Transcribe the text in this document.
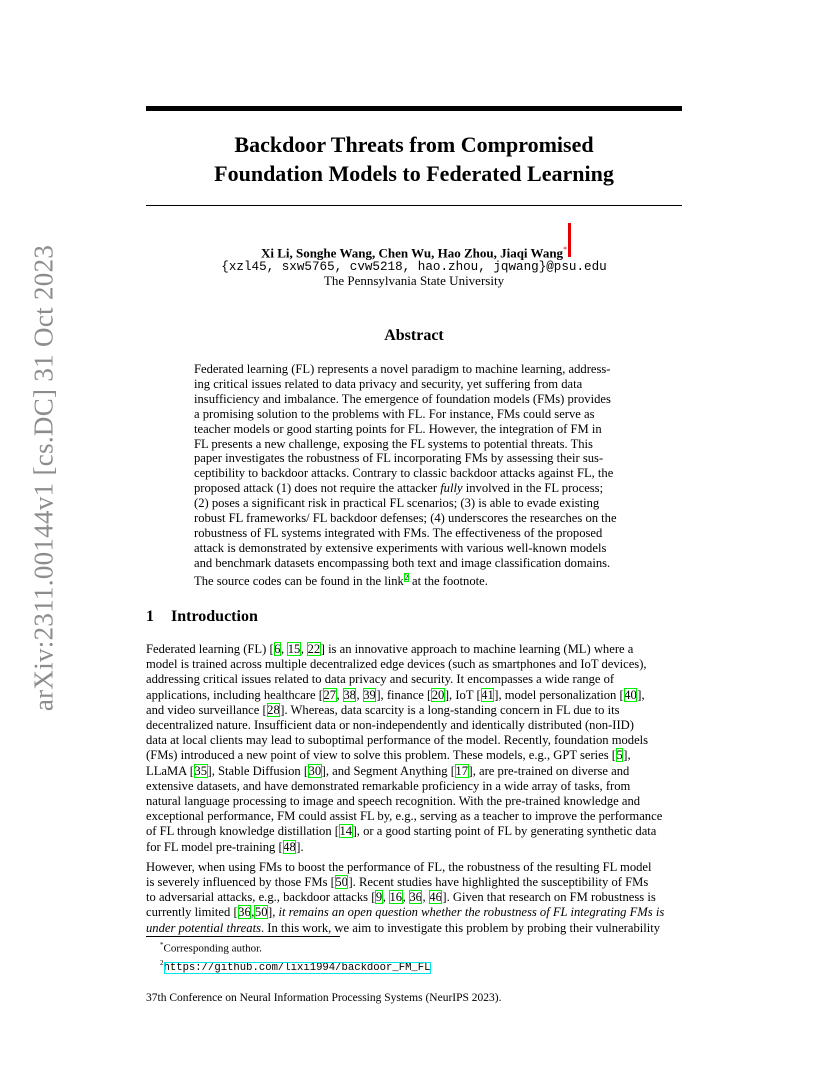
arXiv:2311.00144v1 [cs.DC] 31 Oct 2023
Backdoor Threats from Compromised
Foundation Models to Federated Learning
Xi Li, Songhe Wang, Chen Wu, Hao Zhou, Jiaqi Wang*
{xzl45, sxw5765, cvw5218, hao.zhou, jqwang}@psu.edu
The Pennsylvania State University
Abstract
Federated learning (FL) represents a novel paradigm to machine learning, address-
ing critical issues related to data privacy and security, yet suffering from data
insufficiency and imbalance. The emergence of foundation models (FMs) provides
a promising solution to the problems with FL. For instance, FMs could serve as
teacher models or good starting points for FL. However, the integration of FM in
FL presents a new challenge, exposing the FL systems to potential threats. This
paper investigates the robustness of FL incorporating FMs by assessing their sus-
ceptibility to backdoor attacks. Contrary to classic backdoor attacks against FL, the
proposed attack (1) does not require the attacker fully involved in the FL process;
(2) poses a significant risk in practical FL scenarios; (3) is able to evade existing
robust FL frameworks/ FL backdoor defenses; (4) underscores the researches on the
robustness of FL systems integrated with FMs. The effectiveness of the proposed
attack is demonstrated by extensive experiments with various well-known models
and benchmark datasets encompassing both text and image classification domains.
The source codes can be found in the link$^2$ at the footnote.
1 Introduction
Federated learning (FL) [6, 15, 22] is an innovative approach to machine learning (ML) where a
model is trained across multiple decentralized edge devices (such as smartphones and IoT devices),
addressing critical issues related to data privacy and security. It encompasses a wide range of
applications, including healthcare [27, 38, 39], finance [20], IoT [41], model personalization [40],
and video surveillance [28]. Whereas, data scarcity is a long-standing concern in FL due to its
decentralized nature. Insufficient data or non-independently and identically distributed (non-IID)
data at local clients may lead to suboptimal performance of the model. Recently, foundation models
(FMs) introduced a new point of view to solve this problem. These models, e.g., GPT series [5],
LLaMA [35], Stable Diffusion [30], and Segment Anything [17], are pre-trained on diverse and
extensive datasets, and have demonstrated remarkable proficiency in a wide array of tasks, from
natural language processing to image and speech recognition. With the pre-trained knowledge and
exceptional performance, FM could assist FL by, e.g., serving as a teacher to improve the performance
of FL through knowledge distillation [14], or a good starting point of FL by generating synthetic data
for FL model pre-training [48].
However, when using FMs to boost the performance of FL, the robustness of the resulting FL model
is severely influenced by those FMs [50]. Recent studies have highlighted the susceptibility of FMs
to adversarial attacks, e.g., backdoor attacks [9, 16, 36, 46]. Given that research on FM robustness is
currently limited [36,50], it remains an open question whether the robustness of FL integrating FMs is
under potential threats. In this work, we aim to investigate this problem by probing their vulnerability
*Corresponding author.
$^2$https://github.com/lixi1994/backdoor_FM_FL
37th Conference on Neural Information Processing Systems (NeurIPS 2023).
